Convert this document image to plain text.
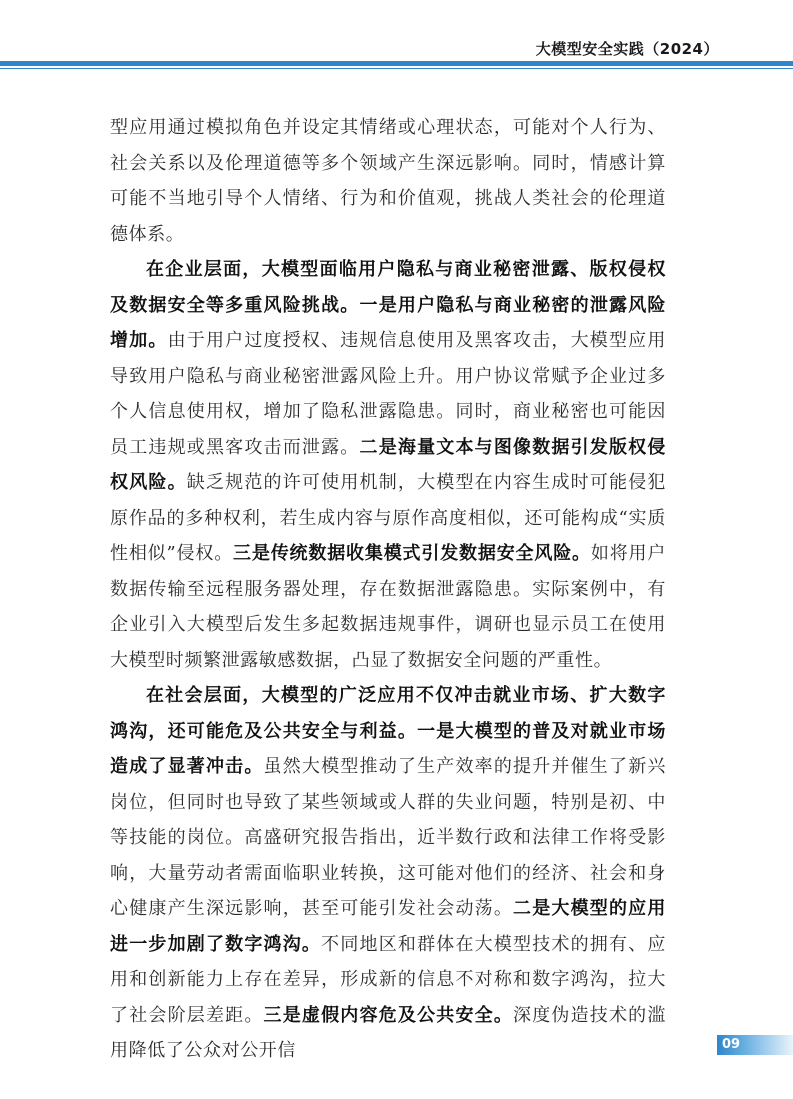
大模型安全实践（2024）

型应用通过模拟角色并设定其情绪或心理状态，可能对个人行为、社会关系以及伦理道德等多个领域产生深远影响。同时，情感计算可能不当地引导个人情绪、行为和价值观，挑战人类社会的伦理道德体系。

在企业层面，大模型面临用户隐私与商业秘密泄露、版权侵权及数据安全等多重风险挑战。一是用户隐私与商业秘密的泄露风险增加。由于用户过度授权、违规信息使用及黑客攻击，大模型应用导致用户隐私与商业秘密泄露风险上升。用户协议常赋予企业过多个人信息使用权，增加了隐私泄露隐患。同时，商业秘密也可能因员工违规或黑客攻击而泄露。二是海量文本与图像数据引发版权侵权风险。缺乏规范的许可使用机制，大模型在内容生成时可能侵犯原作品的多种权利，若生成内容与原作高度相似，还可能构成“实质性相似”侵权。三是传统数据收集模式引发数据安全风险。如将用户数据传输至远程服务器处理，存在数据泄露隐患。实际案例中，有企业引入大模型后发生多起数据违规事件，调研也显示员工在使用大模型时频繁泄露敏感数据，凸显了数据安全问题的严重性。

在社会层面，大模型的广泛应用不仅冲击就业市场、扩大数字鸿沟，还可能危及公共安全与利益。一是大模型的普及对就业市场造成了显著冲击。虽然大模型推动了生产效率的提升并催生了新兴岗位，但同时也导致了某些领域或人群的失业问题，特别是初、中等技能的岗位。高盛研究报告指出，近半数行政和法律工作将受影响，大量劳动者需面临职业转换，这可能对他们的经济、社会和身心健康产生深远影响，甚至可能引发社会动荡。二是大模型的应用进一步加剧了数字鸿沟。不同地区和群体在大模型技术的拥有、应用和创新能力上存在差异，形成新的信息不对称和数字鸿沟，拉大了社会阶层差距。三是虚假内容危及公共安全。深度伪造技术的滥用降低了公众对公开信	09
